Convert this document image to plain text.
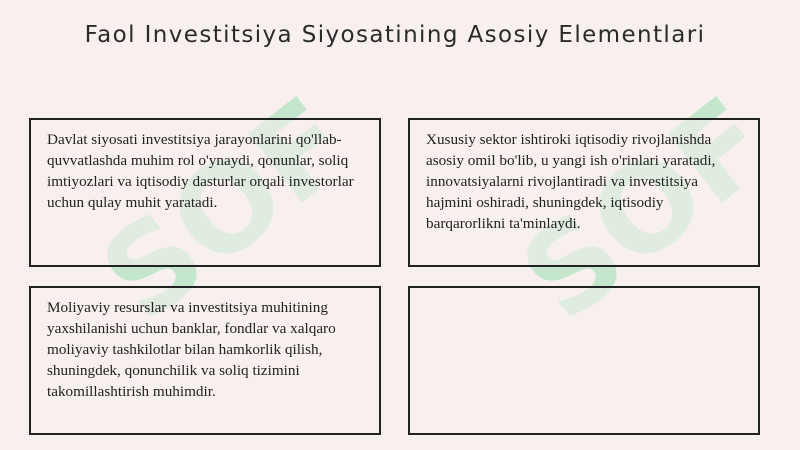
Faol Investitsiya Siyosatining Asosiy Elementlari

Davlat siyosati investitsiya jarayonlarini qo'llab-quvvatlashda muhim rol o'ynaydi, qonunlar, soliq imtiyozlari va iqtisodiy dasturlar orqali investorlar uchun qulay muhit yaratadi.

Xususiy sektor ishtiroki iqtisodiy rivojlanishda asosiy omil bo'lib, u yangi ish o'rinlari yaratadi, innovatsiyalarni rivojlantiradi va investitsiya hajmini oshiradi, shuningdek, iqtisodiy barqarorlikni ta'minlaydi.

Moliyaviy resurslar va investitsiya muhitining yaxshilanishi uchun banklar, fondlar va xalqaro moliyaviy tashkilotlar bilan hamkorlik qilish, shuningdek, qonunchilik va soliq tizimini takomillashtirish muhimdir.
